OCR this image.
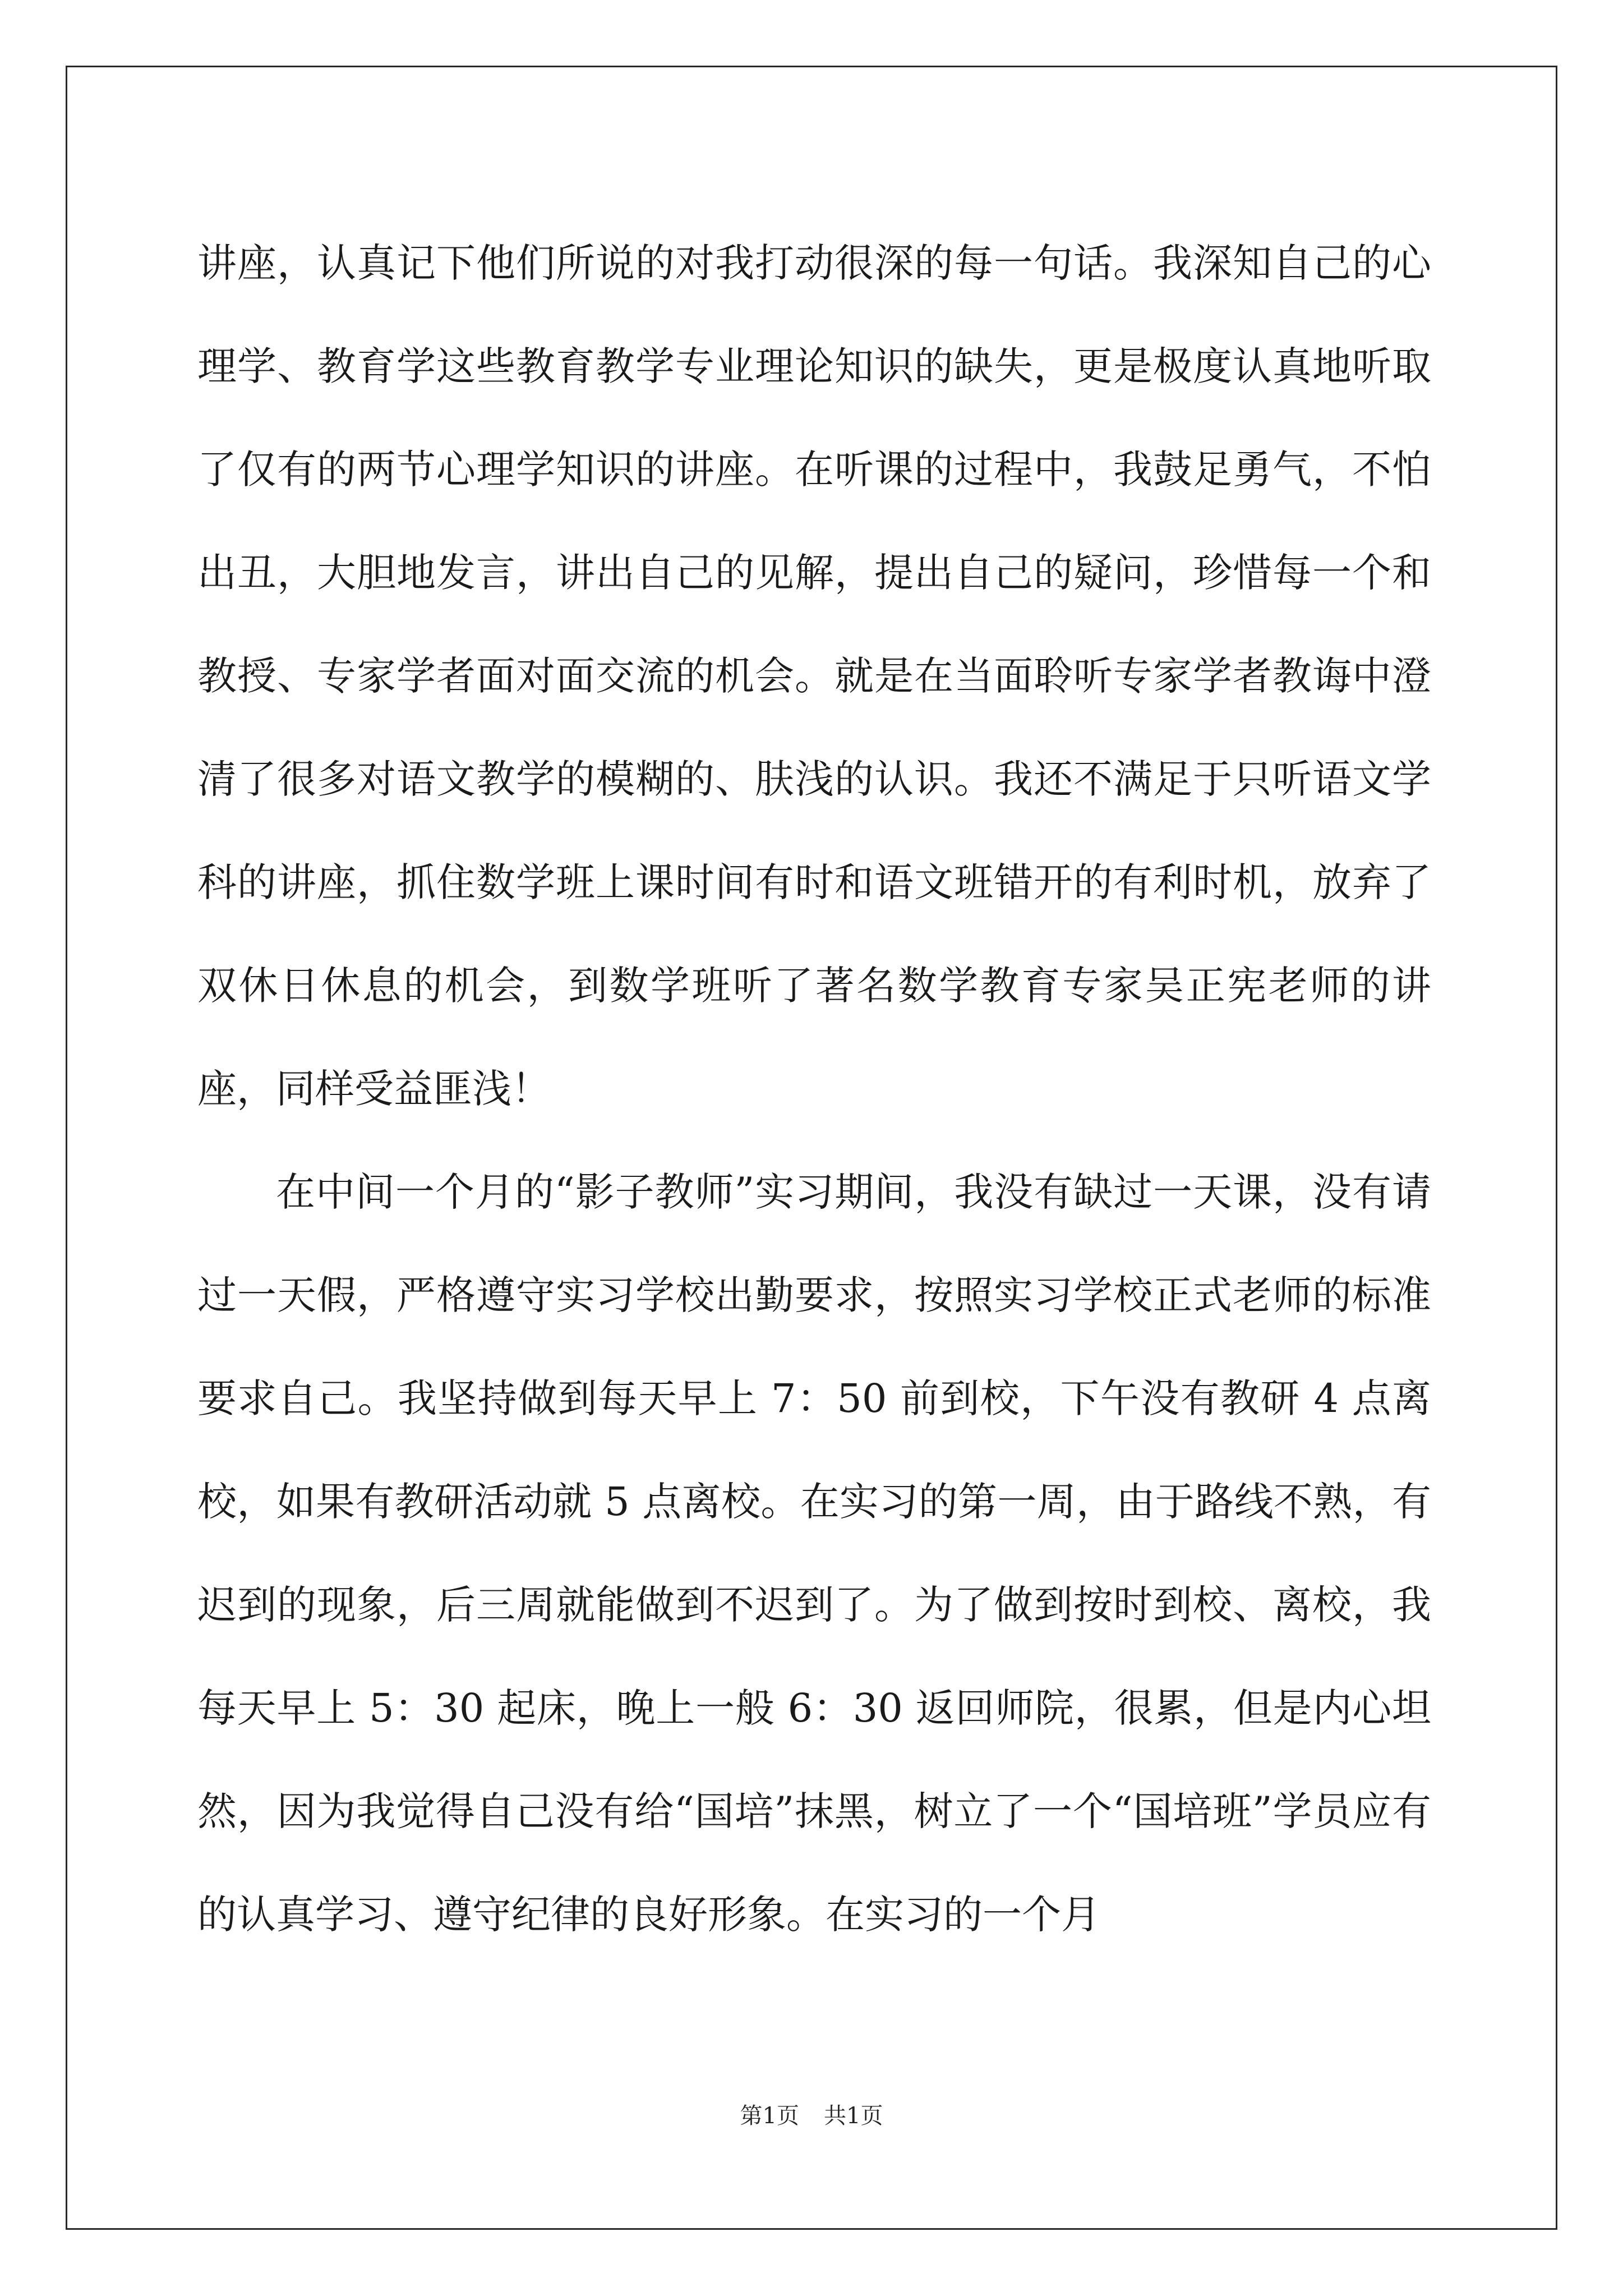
讲座，认真记下他们所说的对我打动很深的每一句话。我深知自己的心理学、教育学这些教育教学专业理论知识的缺失，更是极度认真地听取了仅有的两节心理学知识的讲座。在听课的过程中，我鼓足勇气，不怕出丑，大胆地发言，讲出自己的见解，提出自己的疑问，珍惜每一个和教授、专家学者面对面交流的机会。就是在当面聆听专家学者教诲中澄清了很多对语文教学的模糊的、肤浅的认识。我还不满足于只听语文学科的讲座，抓住数学班上课时间有时和语文班错开的有利时机，放弃了双休日休息的机会，到数学班听了著名数学教育专家吴正宪老师的讲座，同样受益匪浅！

在中间一个月的“影子教师”实习期间，我没有缺过一天课，没有请过一天假，严格遵守实习学校出勤要求，按照实习学校正式老师的标准要求自己。我坚持做到每天早上 7：50 前到校，下午没有教研 4 点离校，如果有教研活动就 5 点离校。在实习的第一周，由于路线不熟，有迟到的现象，后三周就能做到不迟到了。为了做到按时到校、离校，我每天早上 5：30 起床，晚上一般 6：30 返回师院，很累，但是内心坦然，因为我觉得自己没有给“国培”抹黑，树立了一个“国培班”学员应有的认真学习、遵守纪律的良好形象。在实习的一个月

第1页 共1页
